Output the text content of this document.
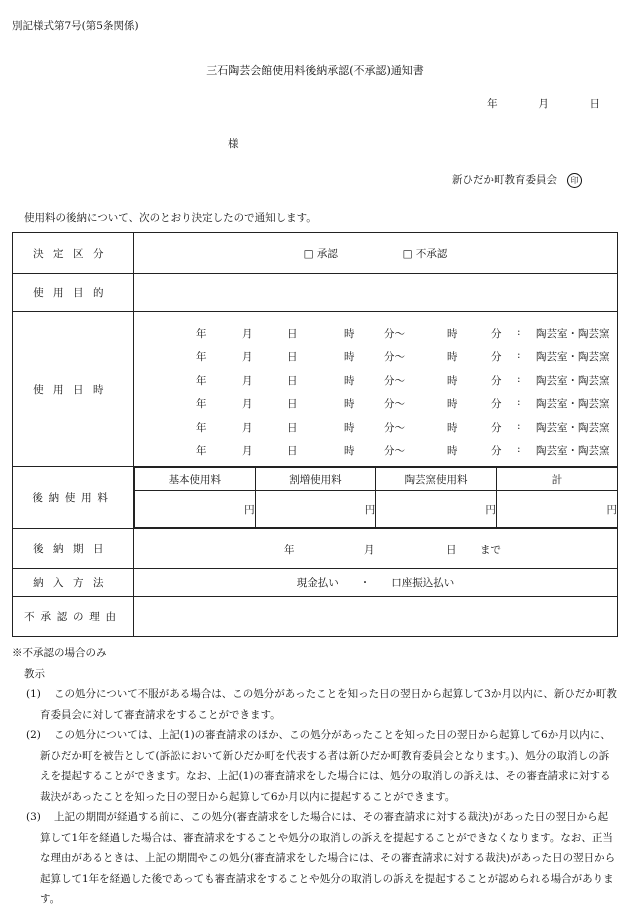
別記様式第7号(第5条関係)
三石陶芸会館使用料後納承認(不承認)通知書
年	月	日
様
新ひだか町教育委員会 印
使用料の後納について、次のとおり決定したので通知します。
決定区分	□ 承認	□ 不承認
使用目的	
使用日時	
年	月	日	時	分〜	時	分 : 陶芸室・陶芸窯
年	月	日	時	分〜	時	分 : 陶芸室・陶芸窯
年	月	日	時	分〜	時	分 : 陶芸室・陶芸窯
年	月	日	時	分〜	時	分 : 陶芸室・陶芸窯
年	月	日	時	分〜	時	分 : 陶芸室・陶芸窯
年	月	日	時	分〜	時	分 : 陶芸室・陶芸窯

後納使用料	
基本使用料	割増使用料	陶芸窯使用料	計
円	円	円	円

後納期日	年	月	日 まで

納入方法	現金払い　　・　　口座振込払い
不承認の理由	
※不承認の場合のみ
教示
(1)	この処分について不服がある場合は、この処分があったことを知った日の翌日から起算して3か月以内に、新ひだか町教育委員会に対して審査請求をすることができます。
(2)	この処分については、上記(1)の審査請求のほか、この処分があったことを知った日の翌日から起算して6か月以内に、新ひだか町を被告として(訴訟において新ひだか町を代表する者は新ひだか町教育委員会となります。)、処分の取消しの訴えを提起することができます。なお、上記(1)の審査請求をした場合には、処分の取消しの訴えは、その審査請求に対する裁決があったことを知った日の翌日から起算して6か月以内に提起することができます。
(3)	上記の期間が経過する前に、この処分(審査請求をした場合には、その審査請求に対する裁決)があった日の翌日から起算して1年を経過した場合は、審査請求をすることや処分の取消しの訴えを提起することができなくなります。なお、正当な理由があるときは、上記の期間やこの処分(審査請求をした場合には、その審査請求に対する裁決)があった日の翌日から起算して1年を経過した後であっても審査請求をすることや処分の取消しの訴えを提起することが認められる場合があります。
